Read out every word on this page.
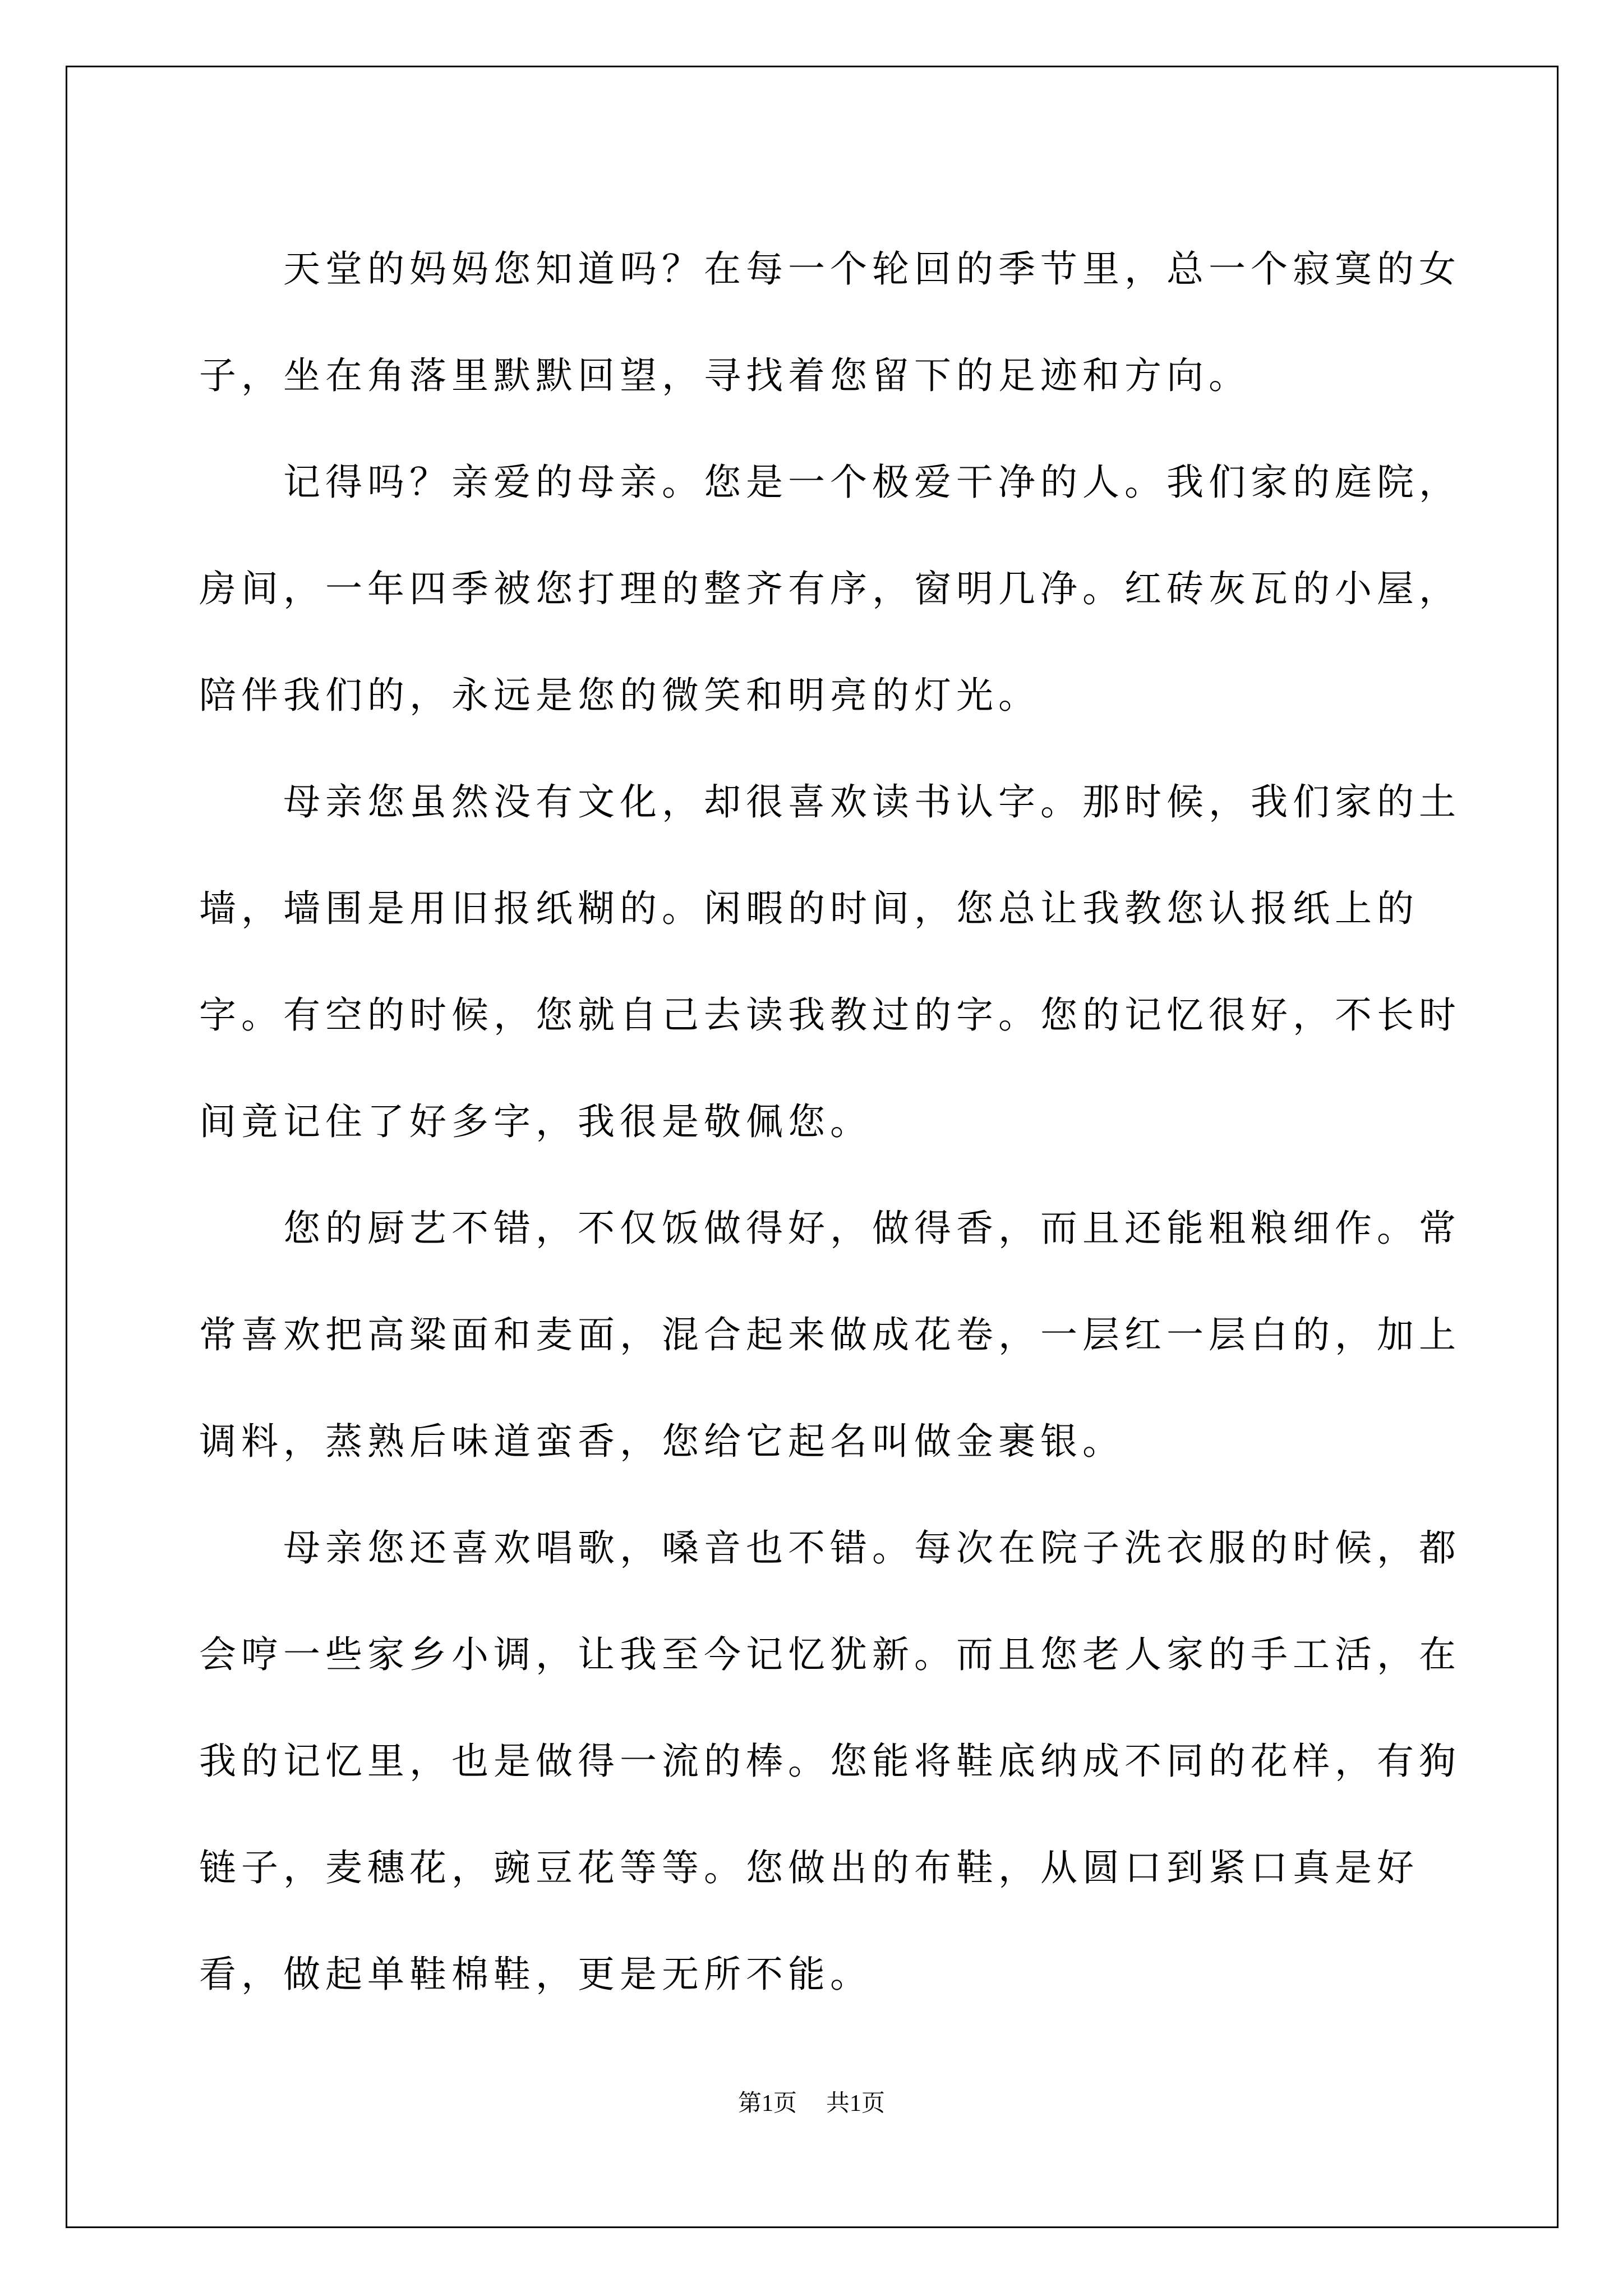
天堂的妈妈您知道吗？在每一个轮回的季节里，总一个寂寞的女子，坐在角落里默默回望，寻找着您留下的足迹和方向。

记得吗？亲爱的母亲。您是一个极爱干净的人。我们家的庭院，房间，一年四季被您打理的整齐有序，窗明几净。红砖灰瓦的小屋，陪伴我们的，永远是您的微笑和明亮的灯光。

母亲您虽然没有文化，却很喜欢读书认字。那时候，我们家的土墙，墙围是用旧报纸糊的。闲暇的时间，您总让我教您认报纸上的字。有空的时候，您就自己去读我教过的字。您的记忆很好，不长时间竟记住了好多字，我很是敬佩您。

您的厨艺不错，不仅饭做得好，做得香，而且还能粗粮细作。常常喜欢把高粱面和麦面，混合起来做成花卷，一层红一层白的，加上调料，蒸熟后味道蛮香，您给它起名叫做金裹银。

母亲您还喜欢唱歌，嗓音也不错。每次在院子洗衣服的时候，都会哼一些家乡小调，让我至今记忆犹新。而且您老人家的手工活，在我的记忆里，也是做得一流的棒。您能将鞋底纳成不同的花样，有狗链子，麦穗花，豌豆花等等。您做出的布鞋，从圆口到紧口真是好看，做起单鞋棉鞋，更是无所不能。

第1页 共1页
